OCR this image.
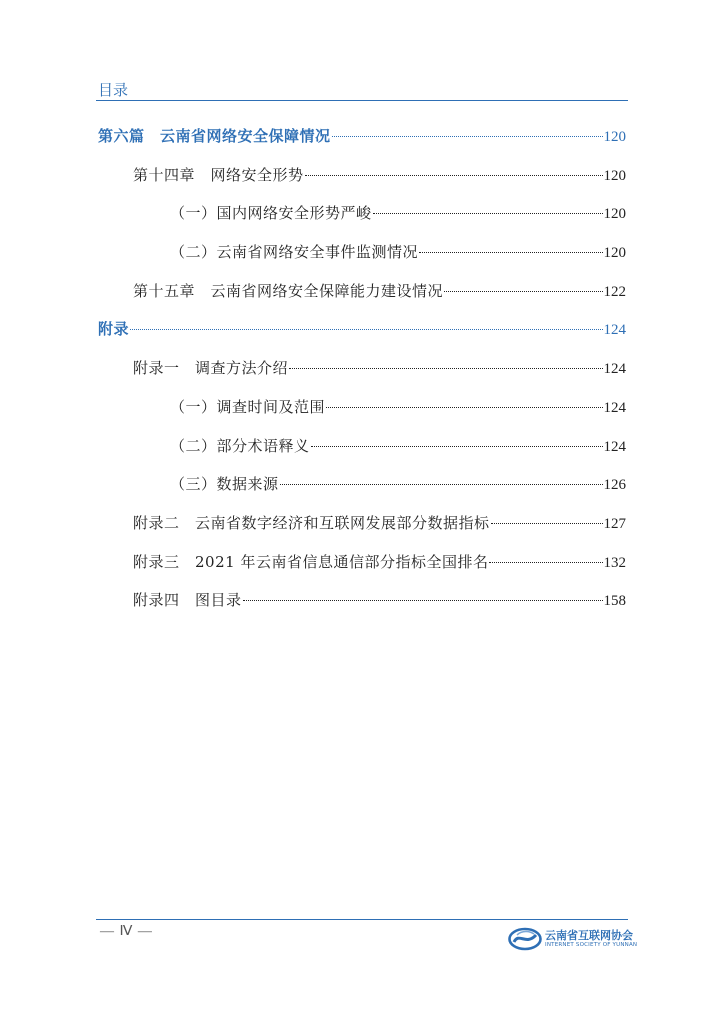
目录
第六篇　云南省网络安全保障情况	120
第十四章　网络安全形势	120
（一）国内网络安全形势严峻	120
（二）云南省网络安全事件监测情况	120
第十五章　云南省网络安全保障能力建设情况	122
附录	124
附录一　调查方法介绍	124
（一）调查时间及范围	124
（二）部分术语释义	124
（三）数据来源	126
附录二　云南省数字经济和互联网发展部分数据指标	127
附录三　2021 年云南省信息通信部分指标全国排名	132
附录四　图目录	158
— Ⅳ —	云南省互联网协会
INTERNET SOCIETY OF YUNNAN
